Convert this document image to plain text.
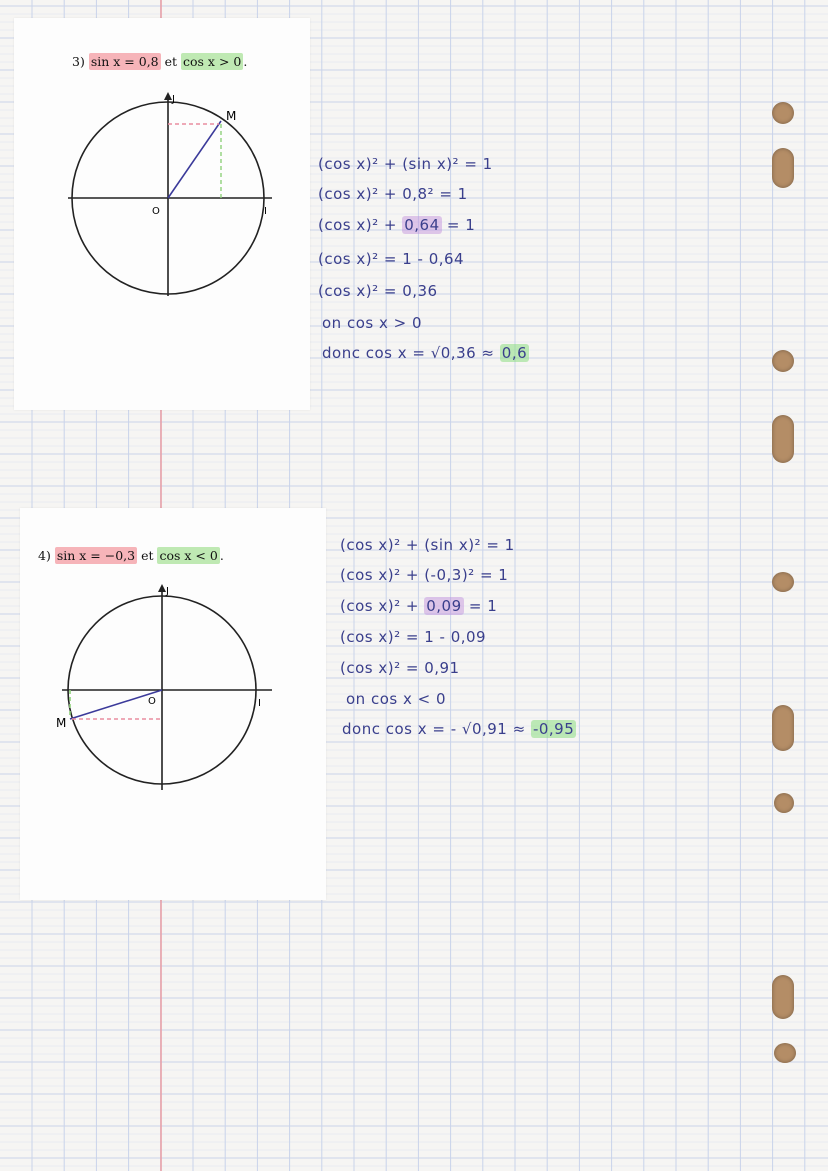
3) sin x = 0,8 et cos x > 0 .
J
M
O	I
4) sin x = −0,3 et cos x < 0 .
J
M
O	I
(cos x)² + (sin x)² = 1
(cos x)² + 0,8² = 1
(cos x)² + 0,64 = 1
(cos x)² = 1 - 0,64
(cos x)² = 0,36
on cos x > 0
donc cos x = √0,36 ≈ 0,6
(cos x)² + (sin x)² = 1
(cos x)² + (-0,3)² = 1
(cos x)² + 0,09 = 1
(cos x)² = 1 - 0,09
(cos x)² = 0,91
on cos x < 0
donc cos x = - √0,91 ≈ -0,95
